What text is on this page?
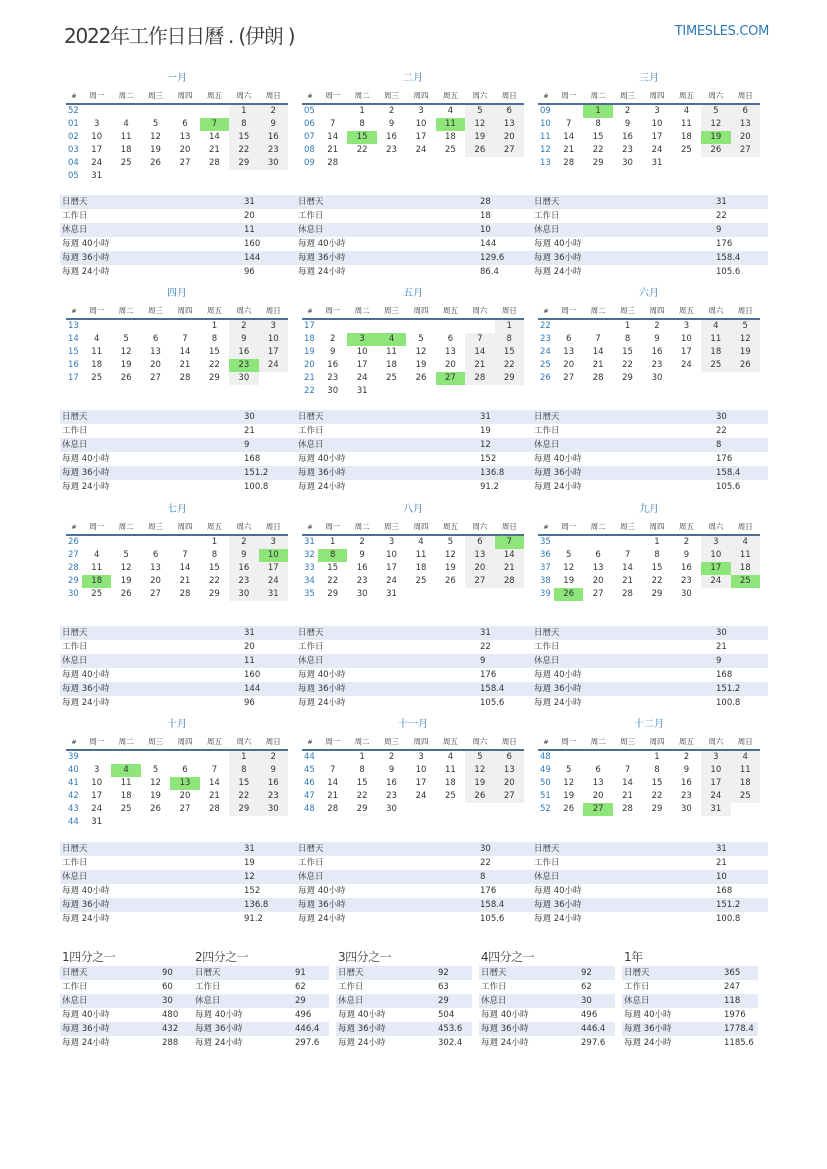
2022年工作日日曆 . (伊朗 )	TIMESLES.COM
一月
#	周一	周二	周三	周四	周五	周六	周日
52						1	2
01	3	4	5	6	7	8	9
02	10	11	12	13	14	15	16
03	17	18	19	20	21	22	23
04	24	25	26	27	28	29	30
05	31						
日曆天	31
工作日	20
休息日	11
每週 40小時	160
每週 36小時	144
每週 24小時	96
二月
#	周一	周二	周三	周四	周五	周六	周日
05		1	2	3	4	5	6
06	7	8	9	10	11	12	13
07	14	15	16	17	18	19	20
08	21	22	23	24	25	26	27
09	28						
日曆天	28
工作日	18
休息日	10
每週 40小時	144
每週 36小時	129.6
每週 24小時	86.4
三月
#	周一	周二	周三	周四	周五	周六	周日
09		1	2	3	4	5	6
10	7	8	9	10	11	12	13
11	14	15	16	17	18	19	20
12	21	22	23	24	25	26	27
13	28	29	30	31			
日曆天	31
工作日	22
休息日	9
每週 40小時	176
每週 36小時	158.4
每週 24小時	105.6
四月
#	周一	周二	周三	周四	周五	周六	周日
13					1	2	3
14	4	5	6	7	8	9	10
15	11	12	13	14	15	16	17
16	18	19	20	21	22	23	24
17	25	26	27	28	29	30	
日曆天	30
工作日	21
休息日	9
每週 40小時	168
每週 36小時	151.2
每週 24小時	100.8
五月
#	周一	周二	周三	周四	周五	周六	周日
17							1
18	2	3	4	5	6	7	8
19	9	10	11	12	13	14	15
20	16	17	18	19	20	21	22
21	23	24	25	26	27	28	29
22	30	31					
日曆天	31
工作日	19
休息日	12
每週 40小時	152
每週 36小時	136.8
每週 24小時	91.2
六月
#	周一	周二	周三	周四	周五	周六	周日
22			1	2	3	4	5
23	6	7	8	9	10	11	12
24	13	14	15	16	17	18	19
25	20	21	22	23	24	25	26
26	27	28	29	30			
日曆天	30
工作日	22
休息日	8
每週 40小時	176
每週 36小時	158.4
每週 24小時	105.6
七月
#	周一	周二	周三	周四	周五	周六	周日
26					1	2	3
27	4	5	6	7	8	9	10
28	11	12	13	14	15	16	17
29	18	19	20	21	22	23	24
30	25	26	27	28	29	30	31
日曆天	31
工作日	20
休息日	11
每週 40小時	160
每週 36小時	144
每週 24小時	96
八月
#	周一	周二	周三	周四	周五	周六	周日
31	1	2	3	4	5	6	7
32	8	9	10	11	12	13	14
33	15	16	17	18	19	20	21
34	22	23	24	25	26	27	28
35	29	30	31				
日曆天	31
工作日	22
休息日	9
每週 40小時	176
每週 36小時	158.4
每週 24小時	105.6
九月
#	周一	周二	周三	周四	周五	周六	周日
35				1	2	3	4
36	5	6	7	8	9	10	11
37	12	13	14	15	16	17	18
38	19	20	21	22	23	24	25
39	26	27	28	29	30		
日曆天	30
工作日	21
休息日	9
每週 40小時	168
每週 36小時	151.2
每週 24小時	100.8
十月
#	周一	周二	周三	周四	周五	周六	周日
39						1	2
40	3	4	5	6	7	8	9
41	10	11	12	13	14	15	16
42	17	18	19	20	21	22	23
43	24	25	26	27	28	29	30
44	31						
日曆天	31
工作日	19
休息日	12
每週 40小時	152
每週 36小時	136.8
每週 24小時	91.2
十一月
#	周一	周二	周三	周四	周五	周六	周日
44		1	2	3	4	5	6
45	7	8	9	10	11	12	13
46	14	15	16	17	18	19	20
47	21	22	23	24	25	26	27
48	28	29	30				
日曆天	30
工作日	22
休息日	8
每週 40小時	176
每週 36小時	158.4
每週 24小時	105.6
十二月
#	周一	周二	周三	周四	周五	周六	周日
48				1	2	3	4
49	5	6	7	8	9	10	11
50	12	13	14	15	16	17	18
51	19	20	21	22	23	24	25
52	26	27	28	29	30	31	
日曆天	31
工作日	21
休息日	10
每週 40小時	168
每週 36小時	151.2
每週 24小時	100.8
1四分之一
日曆天	90
工作日	60
休息日	30
每週 40小時	480
每週 36小時	432
每週 24小時	288
2四分之一
日曆天	91
工作日	62
休息日	29
每週 40小時	496
每週 36小時	446.4
每週 24小時	297.6
3四分之一
日曆天	92
工作日	63
休息日	29
每週 40小時	504
每週 36小時	453.6
每週 24小時	302.4
4四分之一
日曆天	92
工作日	62
休息日	30
每週 40小時	496
每週 36小時	446.4
每週 24小時	297.6
1年
日曆天	365
工作日	247
休息日	118
每週 40小時	1976
每週 36小時	1778.4
每週 24小時	1185.6
